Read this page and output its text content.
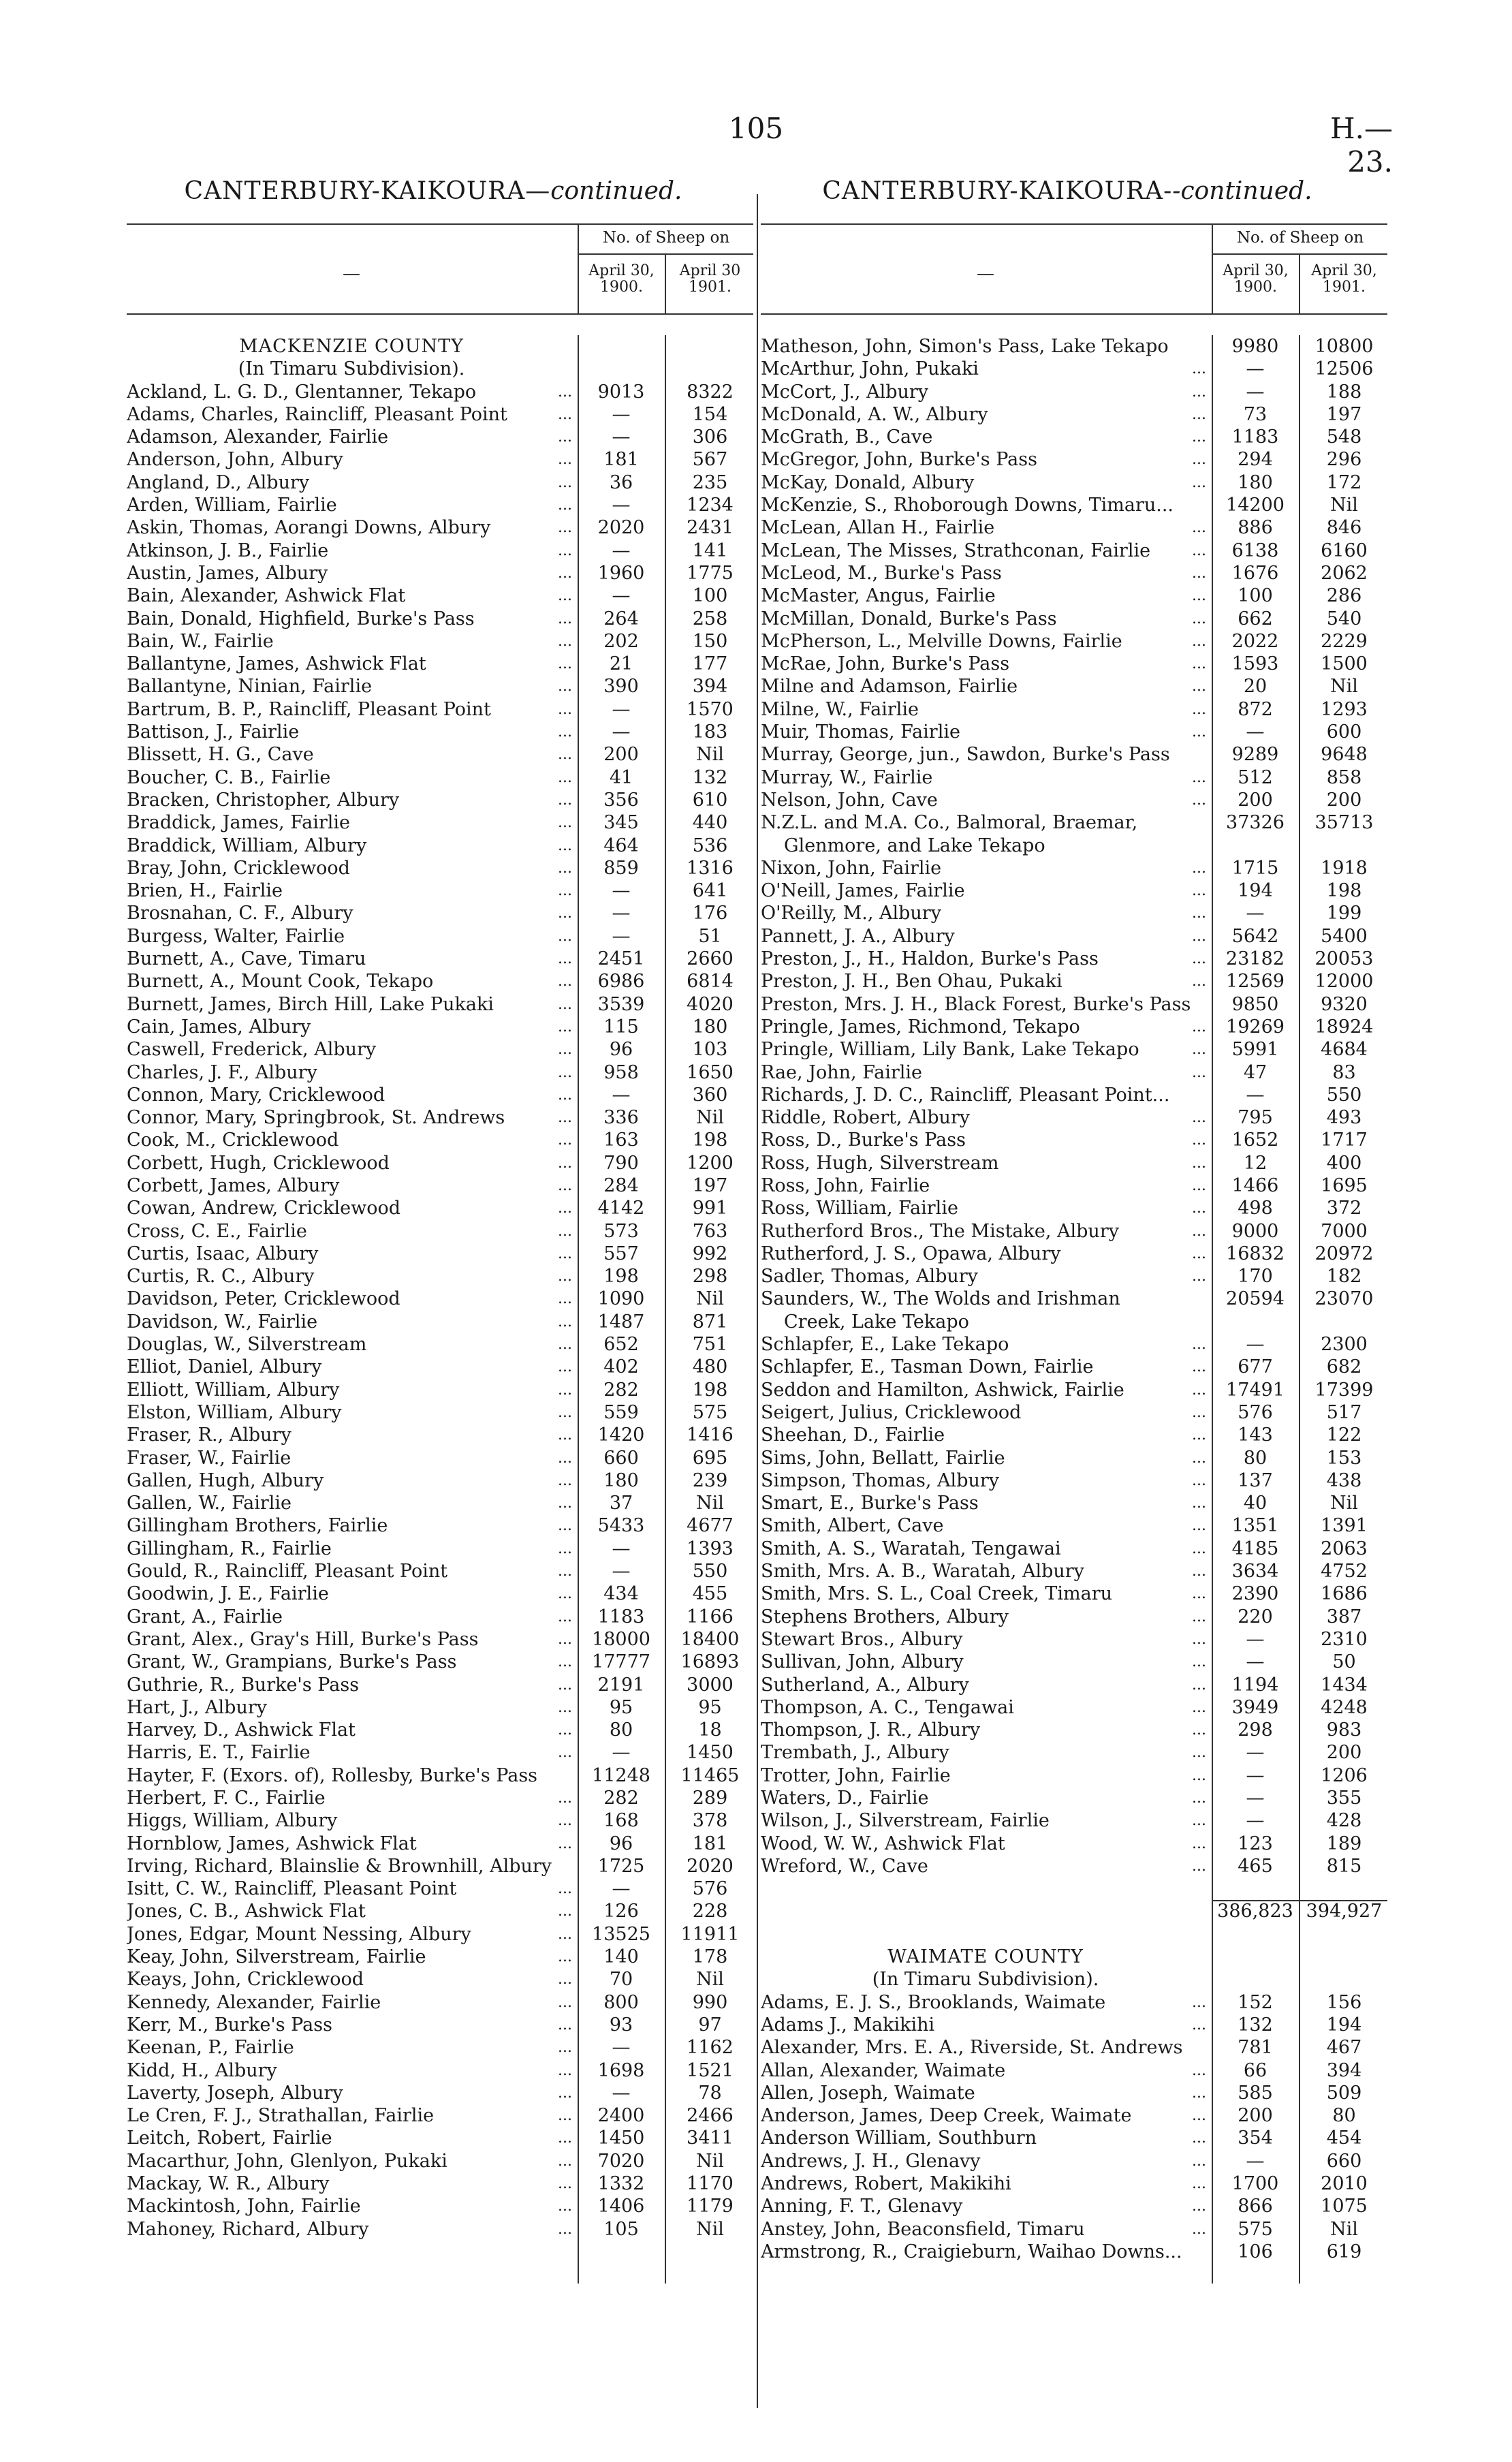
105	H.—23.
CANTERBURY-KAIKOURA—continued.
—
No. of Sheep on
April 30,
1900.
April 30
1901.
MACKENZIE COUNTY
(In Timaru Subdivision).
Ackland, L. G. D., Glentanner, Tekapo	...	9013	8322
Adams, Charles, Raincliff, Pleasant Point	...	—	154
Adamson, Alexander, Fairlie	...	—	306
Anderson, John, Albury	...	181	567
Angland, D., Albury	...	36	235
Arden, William, Fairlie	...	—	1234
Askin, Thomas, Aorangi Downs, Albury	...	2020	2431
Atkinson, J. B., Fairlie	...	—	141
Austin, James, Albury	...	1960	1775
Bain, Alexander, Ashwick Flat	...	—	100
Bain, Donald, Highfield, Burke's Pass	...	264	258
Bain, W., Fairlie	...	202	150
Ballantyne, James, Ashwick Flat	...	21	177
Ballantyne, Ninian, Fairlie	...	390	394
Bartrum, B. P., Raincliff, Pleasant Point	...	—	1570
Battison, J., Fairlie	...	—	183
Blissett, H. G., Cave	...	200	Nil
Boucher, C. B., Fairlie	...	41	132
Bracken, Christopher, Albury	...	356	610
Braddick, James, Fairlie	...	345	440
Braddick, William, Albury	...	464	536
Bray, John, Cricklewood	...	859	1316
Brien, H., Fairlie	...	—	641
Brosnahan, C. F., Albury	...	—	176
Burgess, Walter, Fairlie	...	—	51
Burnett, A., Cave, Timaru	...	2451	2660
Burnett, A., Mount Cook, Tekapo	...	6986	6814
Burnett, James, Birch Hill, Lake Pukaki	...	3539	4020
Cain, James, Albury	...	115	180
Caswell, Frederick, Albury	...	96	103
Charles, J. F., Albury	...	958	1650
Connon, Mary, Cricklewood	...	—	360
Connor, Mary, Springbrook, St. Andrews	...	336	Nil
Cook, M., Cricklewood	...	163	198
Corbett, Hugh, Cricklewood	...	790	1200
Corbett, James, Albury	...	284	197
Cowan, Andrew, Cricklewood	...	4142	991
Cross, C. E., Fairlie	...	573	763
Curtis, Isaac, Albury	...	557	992
Curtis, R. C., Albury	...	198	298
Davidson, Peter, Cricklewood	...	1090	Nil
Davidson, W., Fairlie	...	1487	871
Douglas, W., Silverstream	...	652	751
Elliot, Daniel, Albury	...	402	480
Elliott, William, Albury	...	282	198
Elston, William, Albury	...	559	575
Fraser, R., Albury	...	1420	1416
Fraser, W., Fairlie	...	660	695
Gallen, Hugh, Albury	...	180	239
Gallen, W., Fairlie	...	37	Nil
Gillingham Brothers, Fairlie	...	5433	4677
Gillingham, R., Fairlie	...	—	1393
Gould, R., Raincliff, Pleasant Point	...	—	550
Goodwin, J. E., Fairlie	...	434	455
Grant, A., Fairlie	...	1183	1166
Grant, Alex., Gray's Hill, Burke's Pass	...	18000	18400
Grant, W., Grampians, Burke's Pass	...	17777	16893
Guthrie, R., Burke's Pass	...	2191	3000
Hart, J., Albury	...	95	95
Harvey, D., Ashwick Flat	...	80	18
Harris, E. T., Fairlie	...	—	1450
Hayter, F. (Exors. of), Rollesby, Burke's Pass	11248	11465
Herbert, F. C., Fairlie	...	282	289
Higgs, William, Albury	...	168	378
Hornblow, James, Ashwick Flat	...	96	181
Irving, Richard, Blainslie & Brownhill, Albury	1725	2020
Isitt, C. W., Raincliff, Pleasant Point	...	—	576
Jones, C. B., Ashwick Flat	...	126	228
Jones, Edgar, Mount Nessing, Albury	...	13525	11911
Keay, John, Silverstream, Fairlie	...	140	178
Keays, John, Cricklewood	...	70	Nil
Kennedy, Alexander, Fairlie	...	800	990
Kerr, M., Burke's Pass	...	93	97
Keenan, P., Fairlie	...	—	1162
Kidd, H., Albury	...	1698	1521
Laverty, Joseph, Albury	...	—	78
Le Cren, F. J., Strathallan, Fairlie	...	2400	2466
Leitch, Robert, Fairlie	...	1450	3411
Macarthur, John, Glenlyon, Pukaki	...	7020	Nil
Mackay, W. R., Albury	...	1332	1170
Mackintosh, John, Fairlie	...	1406	1179
Mahoney, Richard, Albury	...	105	Nil
CANTERBURY-KAIKOURA--continued.
—
No. of Sheep on
April 30,
1900.
April 30,
1901.
Matheson, John, Simon's Pass, Lake Tekapo	9980	10800
McArthur, John, Pukaki	...	—	12506
McCort, J., Albury	...	—	188
McDonald, A. W., Albury	...	73	197
McGrath, B., Cave	...	1183	548
McGregor, John, Burke's Pass	...	294	296
McKay, Donald, Albury	...	180	172
McKenzie, S., Rhoborough Downs, Timaru...	14200	Nil
McLean, Allan H., Fairlie	...	886	846
McLean, The Misses, Strathconan, Fairlie	...	6138	6160
McLeod, M., Burke's Pass	...	1676	2062
McMaster, Angus, Fairlie	...	100	286
McMillan, Donald, Burke's Pass	...	662	540
McPherson, L., Melville Downs, Fairlie	...	2022	2229
McRae, John, Burke's Pass	...	1593	1500
Milne and Adamson, Fairlie	...	20	Nil
Milne, W., Fairlie	...	872	1293
Muir, Thomas, Fairlie	...	—	600
Murray, George, jun., Sawdon, Burke's Pass	9289	9648
Murray, W., Fairlie	...	512	858
Nelson, John, Cave	...	200	200
N.Z.L. and M.A. Co., Balmoral, Braemar,	37326	35713
Glenmore, and Lake Tekapo
Nixon, John, Fairlie	...	1715	1918
O'Neill, James, Fairlie	...	194	198
O'Reilly, M., Albury	...	—	199
Pannett, J. A., Albury	...	5642	5400
Preston, J., H., Haldon, Burke's Pass	...	23182	20053
Preston, J. H., Ben Ohau, Pukaki	...	12569	12000
Preston, Mrs. J. H., Black Forest, Burke's Pass	9850	9320
Pringle, James, Richmond, Tekapo	...	19269	18924
Pringle, William, Lily Bank, Lake Tekapo	...	5991	4684
Rae, John, Fairlie	...	47	83
Richards, J. D. C., Raincliff, Pleasant Point...	—	550
Riddle, Robert, Albury	...	795	493
Ross, D., Burke's Pass	...	1652	1717
Ross, Hugh, Silverstream	...	12	400
Ross, John, Fairlie	...	1466	1695
Ross, William, Fairlie	...	498	372
Rutherford Bros., The Mistake, Albury	...	9000	7000
Rutherford, J. S., Opawa, Albury	...	16832	20972
Sadler, Thomas, Albury	...	170	182
Saunders, W., The Wolds and Irishman	20594	23070
Creek, Lake Tekapo
Schlapfer, E., Lake Tekapo	...	—	2300
Schlapfer, E., Tasman Down, Fairlie	...	677	682
Seddon and Hamilton, Ashwick, Fairlie	...	17491	17399
Seigert, Julius, Cricklewood	...	576	517
Sheehan, D., Fairlie	...	143	122
Sims, John, Bellatt, Fairlie	...	80	153
Simpson, Thomas, Albury	...	137	438
Smart, E., Burke's Pass	...	40	Nil
Smith, Albert, Cave	...	1351	1391
Smith, A. S., Waratah, Tengawai	...	4185	2063
Smith, Mrs. A. B., Waratah, Albury	...	3634	4752
Smith, Mrs. S. L., Coal Creek, Timaru	...	2390	1686
Stephens Brothers, Albury	...	220	387
Stewart Bros., Albury	...	—	2310
Sullivan, John, Albury	...	—	50
Sutherland, A., Albury	...	1194	1434
Thompson, A. C., Tengawai	...	3949	4248
Thompson, J. R., Albury	...	298	983
Trembath, J., Albury	...	—	200
Trotter, John, Fairlie	...	—	1206
Waters, D., Fairlie	...	—	355
Wilson, J., Silverstream, Fairlie	...	—	428
Wood, W. W., Ashwick Flat	...	123	189
Wreford, W., Cave	...	465	815
386,823 394,927
WAIMATE COUNTY
(In Timaru Subdivision).
Adams, E. J. S., Brooklands, Waimate	...	152	156
Adams J., Makikihi	...	132	194
Alexander, Mrs. E. A., Riverside, St. Andrews	781	467
Allan, Alexander, Waimate	...	66	394
Allen, Joseph, Waimate	...	585	509
Anderson, James, Deep Creek, Waimate	...	200	80
Anderson William, Southburn	...	354	454
Andrews, J. H., Glenavy	...	—	660
Andrews, Robert, Makikihi	...	1700	2010
Anning, F. T., Glenavy	...	866	1075
Anstey, John, Beaconsfield, Timaru	...	575	Nil
Armstrong, R., Craigieburn, Waihao Downs...	106	619
